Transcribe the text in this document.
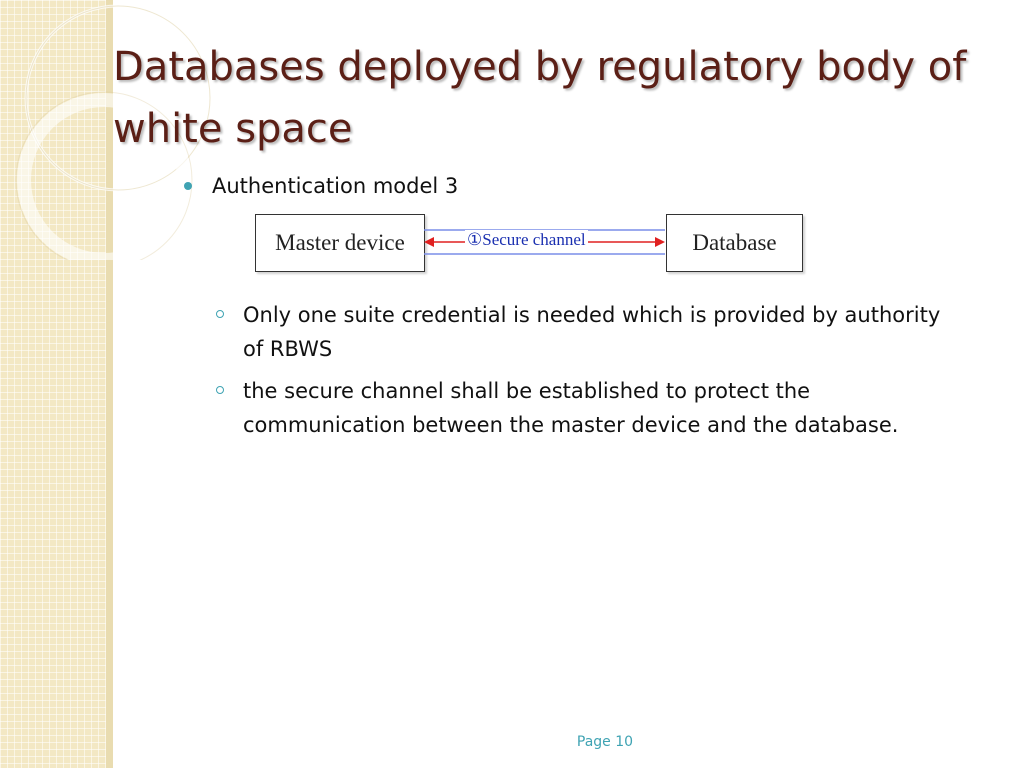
Databases deployed by regulatory body of white space
Authentication model 3
Master device	①Secure channel	Database
Only one suite credential is needed which is provided by authority of RBWS
the secure channel shall be established to protect the communication between the master device and the database.
Page 10
